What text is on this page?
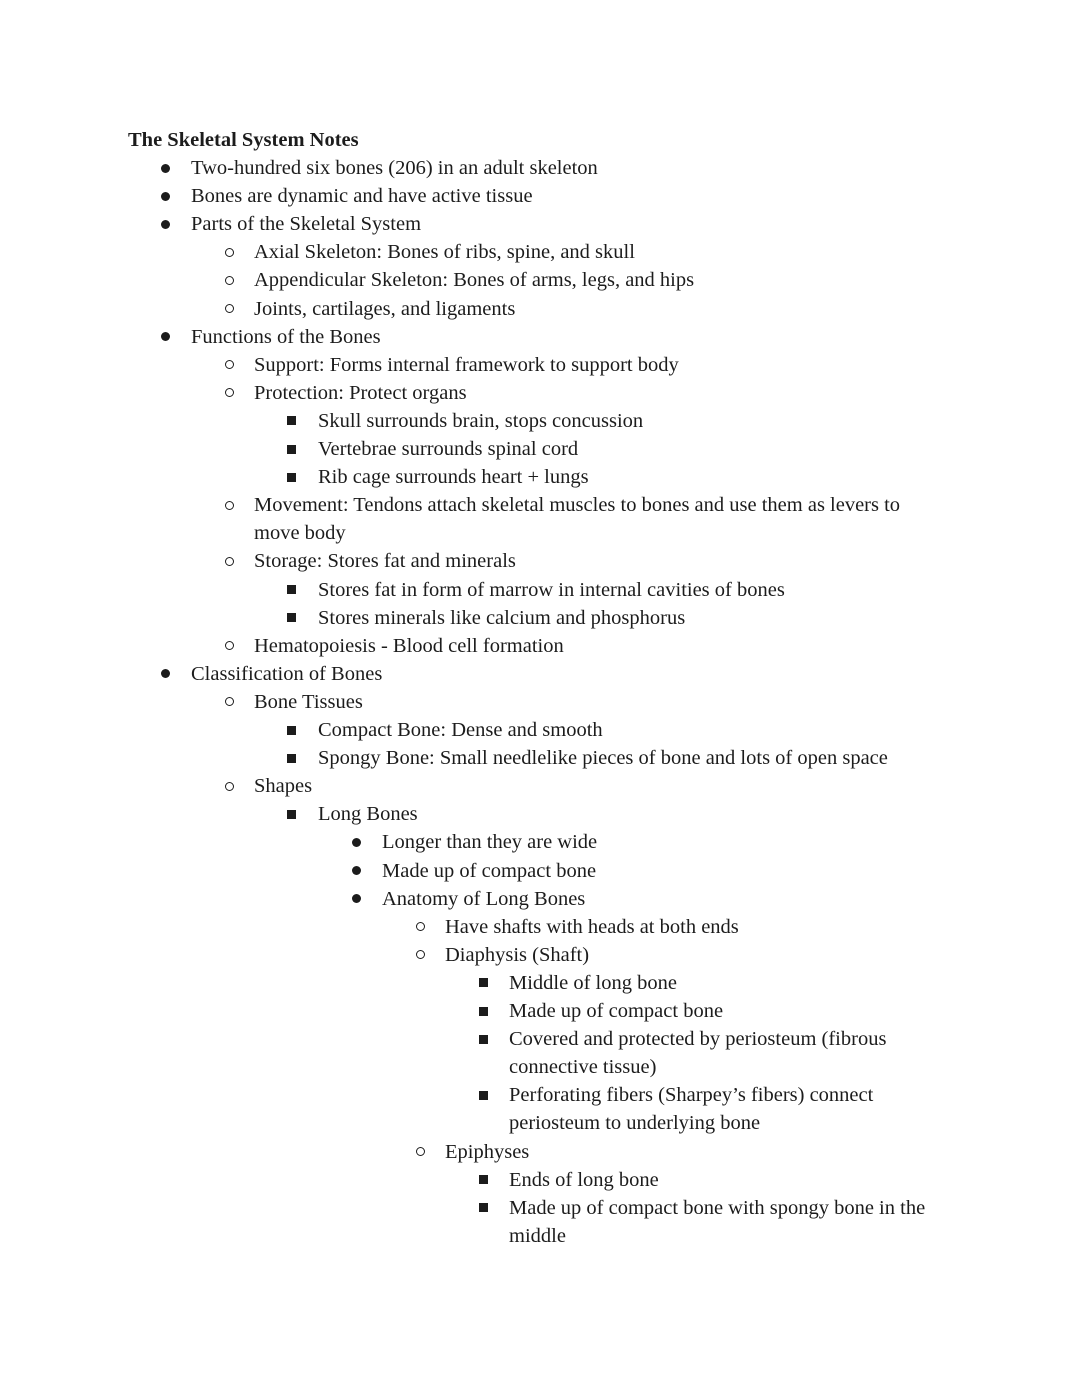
The Skeletal System Notes
Two-hundred six bones (206) in an adult skeleton
Bones are dynamic and have active tissue
Parts of the Skeletal System
Axial Skeleton: Bones of ribs, spine, and skull
Appendicular Skeleton: Bones of arms, legs, and hips
Joints, cartilages, and ligaments
Functions of the Bones
Support: Forms internal framework to support body
Protection: Protect organs
Skull surrounds brain, stops concussion
Vertebrae surrounds spinal cord
Rib cage surrounds heart + lungs
Movement: Tendons attach skeletal muscles to bones and use them as levers to move body
Storage: Stores fat and minerals
Stores fat in form of marrow in internal cavities of bones
Stores minerals like calcium and phosphorus
Hematopoiesis - Blood cell formation
Classification of Bones
Bone Tissues
Compact Bone: Dense and smooth
Spongy Bone: Small needlelike pieces of bone and lots of open space
Shapes
Long Bones
Longer than they are wide
Made up of compact bone
Anatomy of Long Bones
Have shafts with heads at both ends
Diaphysis (Shaft)
Middle of long bone
Made up of compact bone
Covered and protected by periosteum (fibrous connective tissue)
Perforating fibers (Sharpey’s fibers) connect periosteum to underlying bone
Epiphyses
Ends of long bone
Made up of compact bone with spongy bone in the middle
